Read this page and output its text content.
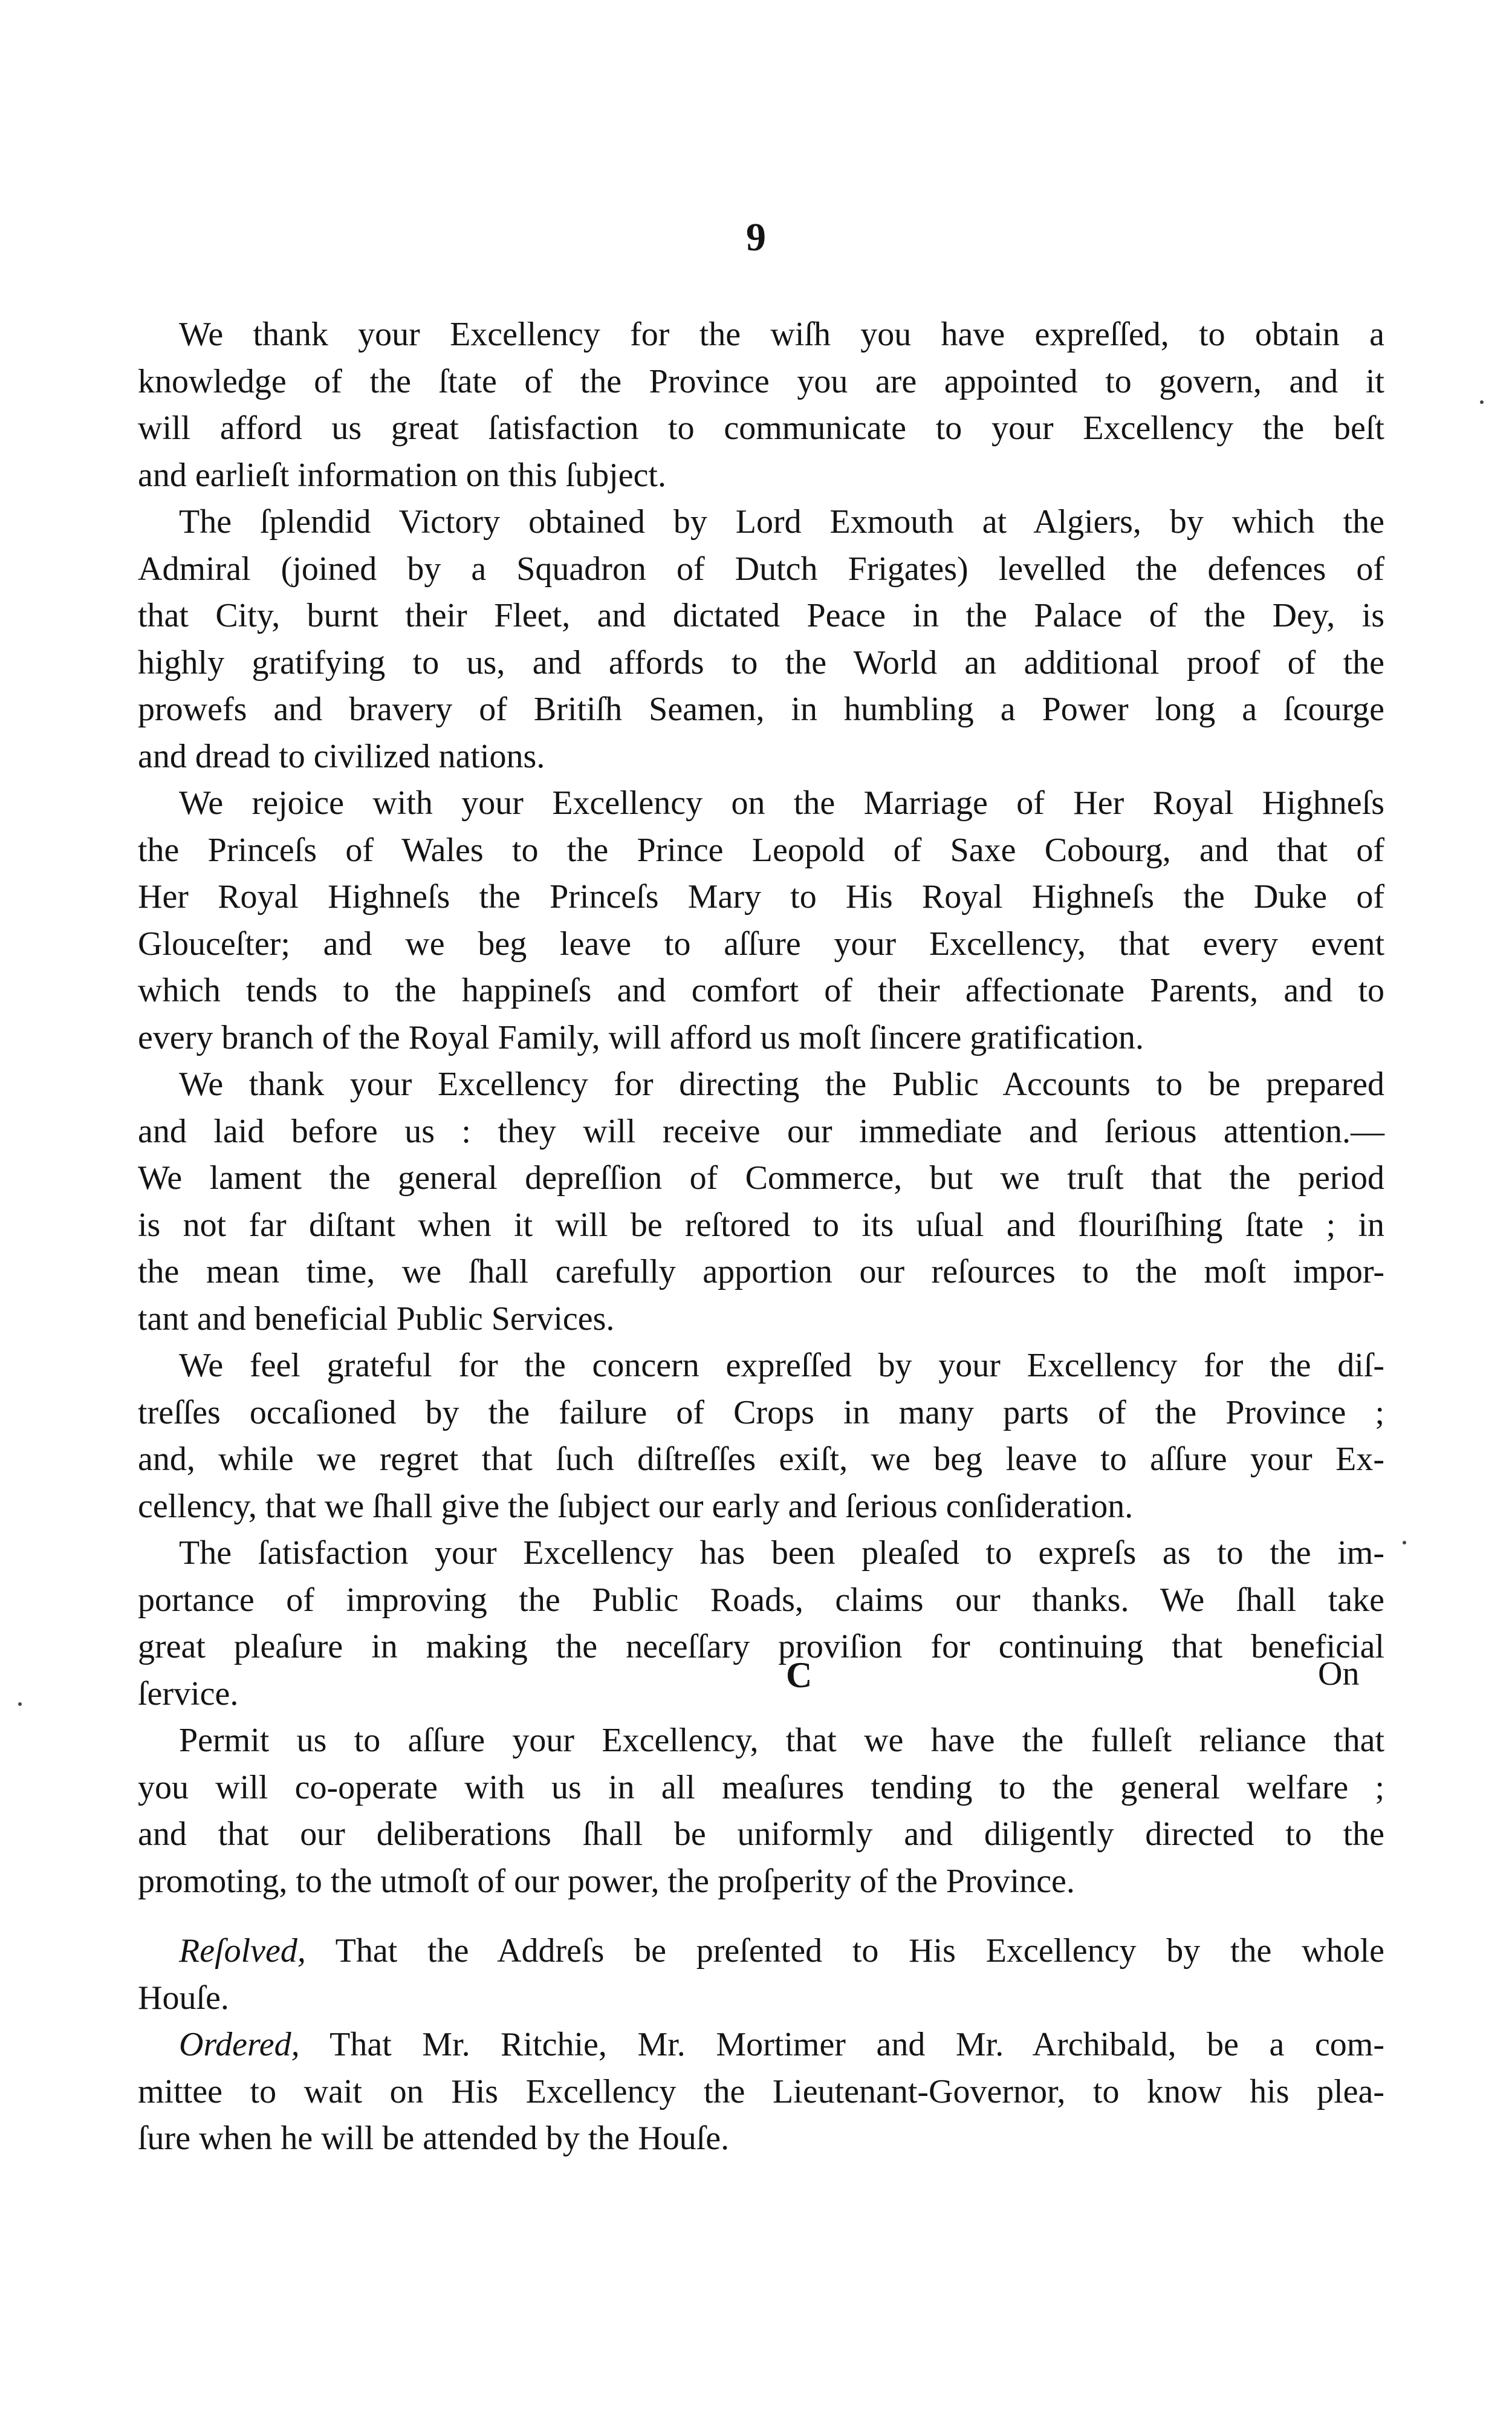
9
We thank your Excellency for the wiſh you have expreſſed, to obtain a
knowledge of the ſtate of the Province you are appointed to govern, and it
will afford us great ſatisfaction to communicate to your Excellency the beſt
and earlieſt information on this ſubject.
The ſplendid Victory obtained by Lord Exmouth at Algiers, by which the
Admiral (joined by a Squadron of Dutch Frigates) levelled the defences of
that City, burnt their Fleet, and dictated Peace in the Palace of the Dey, is
highly gratifying to us, and affords to the World an additional proof of the
prowefs and bravery of Britiſh Seamen, in humbling a Power long a ſcourge
and dread to civilized nations.
We rejoice with your Excellency on the Marriage of Her Royal Highneſs
the Princeſs of Wales to the Prince Leopold of Saxe Cobourg, and that of
Her Royal Highneſs the Princeſs Mary to His Royal Highneſs the Duke of
Glouceſter; and we beg leave to aſſure your Excellency, that every event
which tends to the happineſs and comfort of their affectionate Parents, and to
every branch of the Royal Family, will afford us moſt ſincere gratification.
We thank your Excellency for directing the Public Accounts to be prepared
and laid before us : they will receive our immediate and ſerious attention.—
We lament the general depreſſion of Commerce, but we truſt that the period
is not far diſtant when it will be reſtored to its uſual and flouriſhing ſtate ; in
the mean time, we ſhall carefully apportion our reſources to the moſt impor-
tant and beneficial Public Services.
We feel grateful for the concern expreſſed by your Excellency for the diſ-
treſſes occaſioned by the failure of Crops in many parts of the Province ;
and, while we regret that ſuch diſtreſſes exiſt, we beg leave to aſſure your Ex-
cellency, that we ſhall give the ſubject our early and ſerious conſideration.
The ſatisfaction your Excellency has been pleaſed to expreſs as to the im-
portance of improving the Public Roads, claims our thanks. We ſhall take
great pleaſure in making the neceſſary proviſion for continuing that beneficial
ſervice.
Permit us to aſſure your Excellency, that we have the fulleſt reliance that
you will co-operate with us in all meaſures tending to the general welfare ;
and that our deliberations ſhall be uniformly and diligently directed to the
promoting, to the utmoſt of our power, the proſperity of the Province.
Reſolved, That the Addreſs be preſented to His Excellency by the whole
Houſe.
Ordered, That Mr. Ritchie, Mr. Mortimer and Mr. Archibald, be a com-
mittee to wait on His Excellency the Lieutenant-Governor, to know his plea-
ſure when he will be attended by the Houſe.
C	On
